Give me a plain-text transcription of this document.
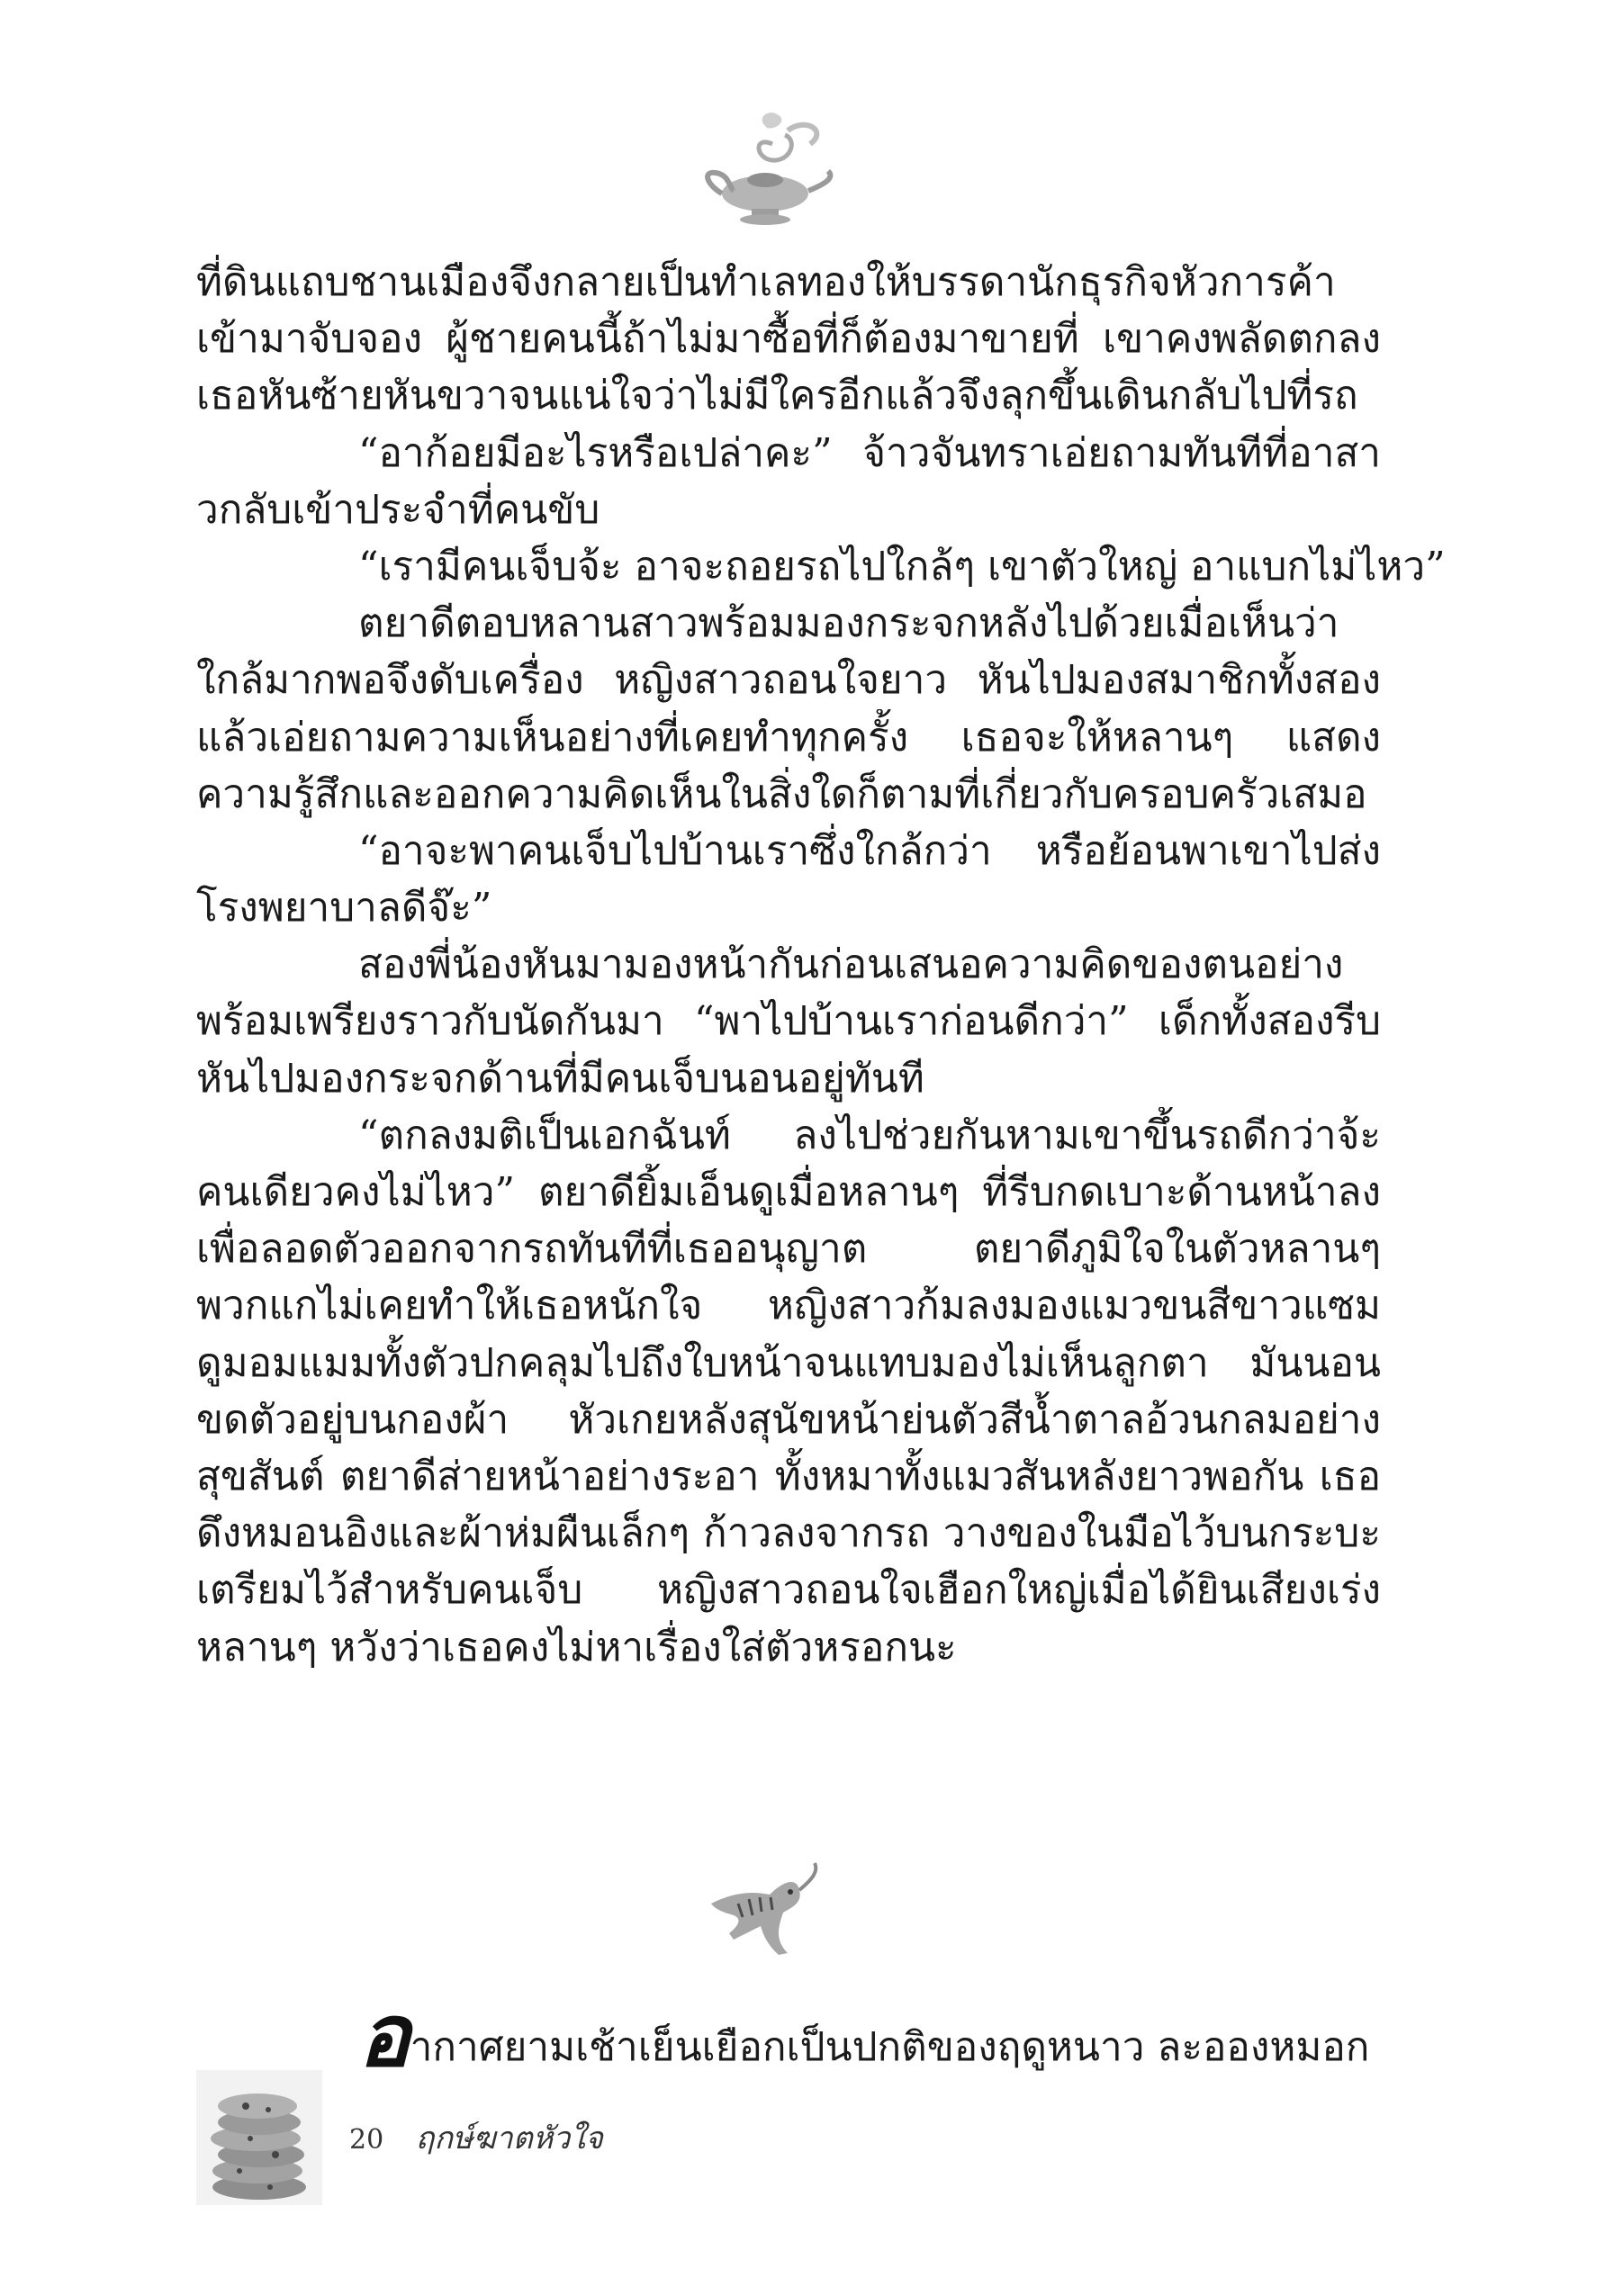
ที่ดินแถบชานเมืองจึงกลายเป็นทำเลทองให้บรรดานักธุรกิจหัวการค้า
เข้ามาจับจอง ผู้ชายคนนี้ถ้าไม่มาซื้อที่ก็ต้องมาขายที่ เขาคงพลัดตกลง
เธอหันซ้ายหันขวาจนแน่ใจว่าไม่มีใครอีกแล้วจึงลุกขึ้นเดินกลับไปที่รถ
“อาก้อยมีอะไรหรือเปล่าคะ” จ้าวจันทราเอ่ยถามทันทีที่อาสา
วกลับเข้าประจำที่คนขับ
“เรามีคนเจ็บจ้ะ อาจะถอยรถไปใกล้ๆ เขาตัวใหญ่ อาแบกไม่ไหว”
ตยาดีตอบหลานสาวพร้อมมองกระจกหลังไปด้วยเมื่อเห็นว่า
ใกล้มากพอจึงดับเครื่อง หญิงสาวถอนใจยาว หันไปมองสมาชิกทั้งสอง
แล้วเอ่ยถามความเห็นอย่างที่เคยทำทุกครั้ง เธอจะให้หลานๆ แสดง
ความรู้สึกและออกความคิดเห็นในสิ่งใดก็ตามที่เกี่ยวกับครอบครัวเสมอ
“อาจะพาคนเจ็บไปบ้านเราซึ่งใกล้กว่า หรือย้อนพาเขาไปส่ง
โรงพยาบาลดีจ๊ะ”
สองพี่น้องหันมามองหน้ากันก่อนเสนอความคิดของตนอย่าง
พร้อมเพรียงราวกับนัดกันมา “พาไปบ้านเราก่อนดีกว่า” เด็กทั้งสองรีบ
หันไปมองกระจกด้านที่มีคนเจ็บนอนอยู่ทันที
“ตกลงมติเป็นเอกฉันท์ ลงไปช่วยกันหามเขาขึ้นรถดีกว่าจ้ะ
คนเดียวคงไม่ไหว” ตยาดียิ้มเอ็นดูเมื่อหลานๆ ที่รีบกดเบาะด้านหน้าลง
เพื่อลอดตัวออกจากรถทันทีที่เธออนุญาต ตยาดีภูมิใจในตัวหลานๆ
พวกแกไม่เคยทำให้เธอหนักใจ หญิงสาวก้มลงมองแมวขนสีขาวแซม
ดูมอมแมมทั้งตัวปกคลุมไปถึงใบหน้าจนแทบมองไม่เห็นลูกตา มันนอน
ขดตัวอยู่บนกองผ้า หัวเกยหลังสุนัขหน้าย่นตัวสีน้ำตาลอ้วนกลมอย่าง
สุขสันต์ ตยาดีส่ายหน้าอย่างระอา ทั้งหมาทั้งแมวสันหลังยาวพอกัน เธอ
ดึงหมอนอิงและผ้าห่มผืนเล็กๆ ก้าวลงจากรถ วางของในมือไว้บนกระบะ
เตรียมไว้สำหรับคนเจ็บ หญิงสาวถอนใจเฮือกใหญ่เมื่อได้ยินเสียงเร่ง
หลานๆ หวังว่าเธอคงไม่หาเรื่องใส่ตัวหรอกนะ
อากาศยามเช้าเย็นเยือกเป็นปกติของฤดูหนาว ละอองหมอก
20 ฤกษ์ฆาตหัวใจ
